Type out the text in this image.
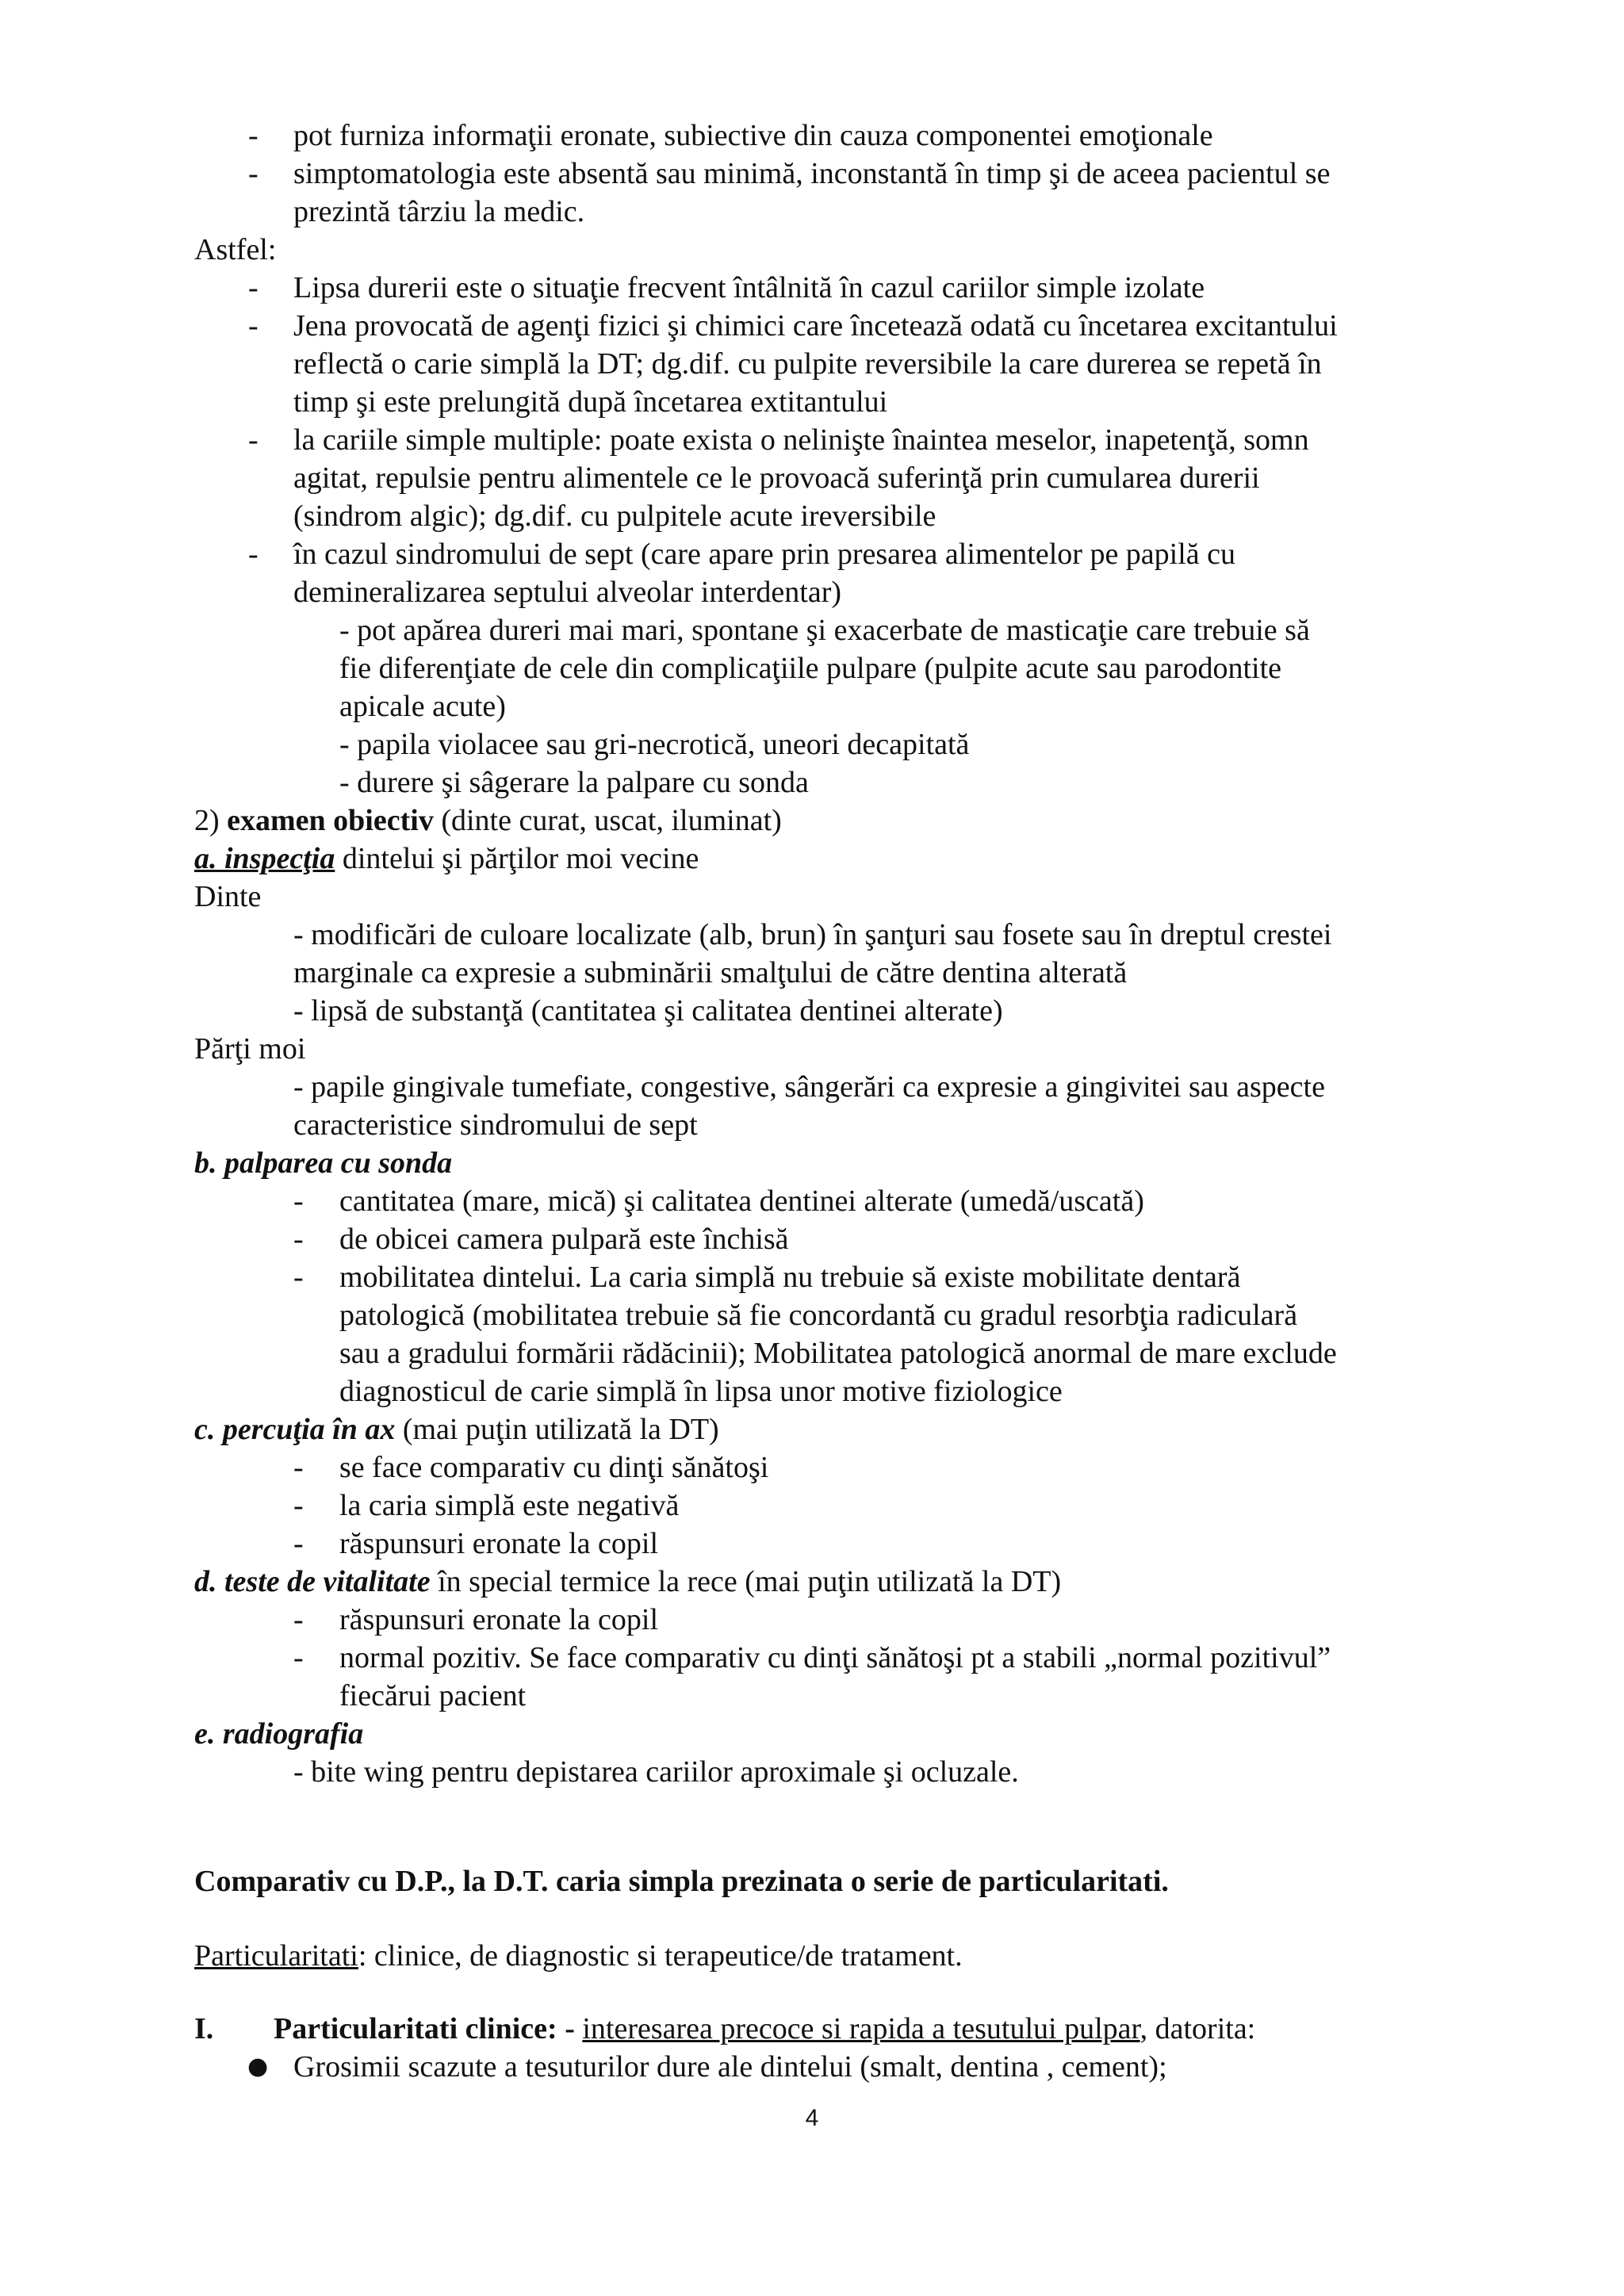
- pot furniza informaţii eronate, subiective din cauza componentei emoţionale
- simptomatologia este absentă sau minimă, inconstantă în timp şi de aceea pacientul se
prezintă târziu la medic.
Astfel:
- Lipsa durerii este o situaţie frecvent întâlnită în cazul cariilor simple izolate
- Jena provocată de agenţi fizici şi chimici care încetează odată cu încetarea excitantului
reflectă o carie simplă la DT; dg.dif. cu pulpite reversibile la care durerea se repetă în
timp şi este prelungită după încetarea extitantului
- la cariile simple multiple: poate exista o nelinişte înaintea meselor, inapetenţă, somn
agitat, repulsie pentru alimentele ce le provoacă suferinţă prin cumularea durerii
(sindrom algic); dg.dif. cu pulpitele acute ireversibile
- în cazul sindromului de sept (care apare prin presarea alimentelor pe papilă cu
demineralizarea septului alveolar interdentar)
- pot apărea dureri mai mari, spontane şi exacerbate de masticaţie care trebuie să
fie diferenţiate de cele din complicaţiile pulpare (pulpite acute sau parodontite
apicale acute)
- papila violacee sau gri-necrotică, uneori decapitată
- durere şi sâgerare la palpare cu sonda
2) examen obiectiv (dinte curat, uscat, iluminat)
a. inspecţia dintelui şi părţilor moi vecine
Dinte
- modificări de culoare localizate (alb, brun) în şanţuri sau fosete sau în dreptul crestei
marginale ca expresie a subminării smalţului de către dentina alterată
- lipsă de substanţă (cantitatea şi calitatea dentinei alterate)
Părţi moi
- papile gingivale tumefiate, congestive, sângerări ca expresie a gingivitei sau aspecte
caracteristice sindromului de sept
b. palparea cu sonda
- cantitatea (mare, mică) şi calitatea dentinei alterate (umedă/uscată)
- de obicei camera pulpară este închisă
- mobilitatea dintelui. La caria simplă nu trebuie să existe mobilitate dentară
patologică (mobilitatea trebuie să fie concordantă cu gradul resorbţia radiculară
sau a gradului formării rădăcinii); Mobilitatea patologică anormal de mare exclude
diagnosticul de carie simplă în lipsa unor motive fiziologice
c. percuţia în ax (mai puţin utilizată la DT)
- se face comparativ cu dinţi sănătoşi
- la caria simplă este negativă
- răspunsuri eronate la copil
d. teste de vitalitate în special termice la rece (mai puţin utilizată la DT)
- răspunsuri eronate la copil
- normal pozitiv. Se face comparativ cu dinţi sănătoşi pt a stabili „normal pozitivul”
fiecărui pacient
e. radiografia
- bite wing pentru depistarea cariilor aproximale şi ocluzale.
Comparativ cu D.P., la D.T. caria simpla prezinata o serie de particularitati.
Particularitati: clinice, de diagnostic si terapeutice/de tratament.
I. Particularitati clinice: - interesarea precoce si rapida a tesutului pulpar, datorita:
● Grosimii scazute a tesuturilor dure ale dintelui (smalt, dentina , cement);
4
